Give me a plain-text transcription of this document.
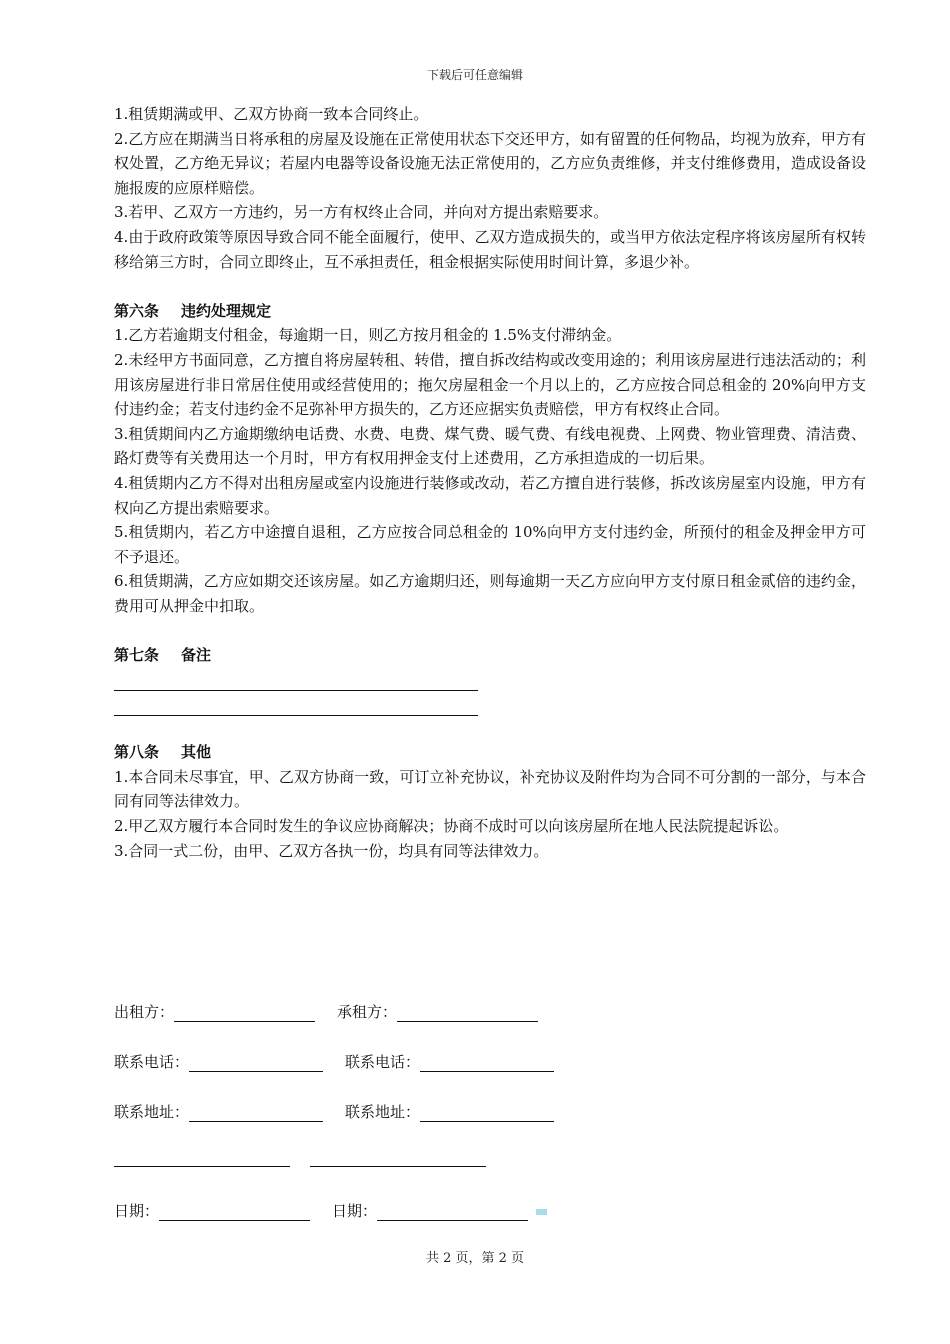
下载后可任意编辑

1.租赁期满或甲、乙双方协商一致本合同终止。

2.乙方应在期满当日将承租的房屋及设施在正常使用状态下交还甲方，如有留置的任何物品，均视为放弃，甲方有权处置，乙方绝无异议；若屋内电器等设备设施无法正常使用的，乙方应负责维修，并支付维修费用，造成设备设施报废的应原样赔偿。

3.若甲、乙双方一方违约，另一方有权终止合同，并向对方提出索赔要求。

4.由于政府政策等原因导致合同不能全面履行，使甲、乙双方造成损失的，或当甲方依法定程序将该房屋所有权转移给第三方时，合同立即终止，互不承担责任，租金根据实际使用时间计算，多退少补。

第六条 违约处理规定

1.乙方若逾期支付租金，每逾期一日，则乙方按月租金的 1.5%支付滞纳金。

2.未经甲方书面同意，乙方擅自将房屋转租、转借，擅自拆改结构或改变用途的；利用该房屋进行违法活动的；利用该房屋进行非日常居住使用或经营使用的；拖欠房屋租金一个月以上的，乙方应按合同总租金的 20%向甲方支付违约金；若支付违约金不足弥补甲方损失的，乙方还应据实负责赔偿，甲方有权终止合同。

3.租赁期间内乙方逾期缴纳电话费、水费、电费、煤气费、暖气费、有线电视费、上网费、物业管理费、清洁费、路灯费等有关费用达一个月时，甲方有权用押金支付上述费用，乙方承担造成的一切后果。

4.租赁期内乙方不得对出租房屋或室内设施进行装修或改动，若乙方擅自进行装修，拆改该房屋室内设施，甲方有权向乙方提出索赔要求。

5.租赁期内，若乙方中途擅自退租，乙方应按合同总租金的 10%向甲方支付违约金，所预付的租金及押金甲方可不予退还。

6.租赁期满，乙方应如期交还该房屋。如乙方逾期归还，则每逾期一天乙方应向甲方支付原日租金贰倍的违约金，费用可从押金中扣取。

第七条 备注

第八条 其他

1.本合同未尽事宜，甲、乙双方协商一致，可订立补充协议，补充协议及附件均为合同不可分割的一部分，与本合同有同等法律效力。

2.甲乙双方履行本合同时发生的争议应协商解决；协商不成时可以向该房屋所在地人民法院提起诉讼。

3.合同一式二份，由甲、乙双方各执一份，均具有同等法律效力。

出租方：	承租方：
联系电话：	联系电话：
联系地址：	联系地址：
日期：	日期：
共 2 页，第 2 页
